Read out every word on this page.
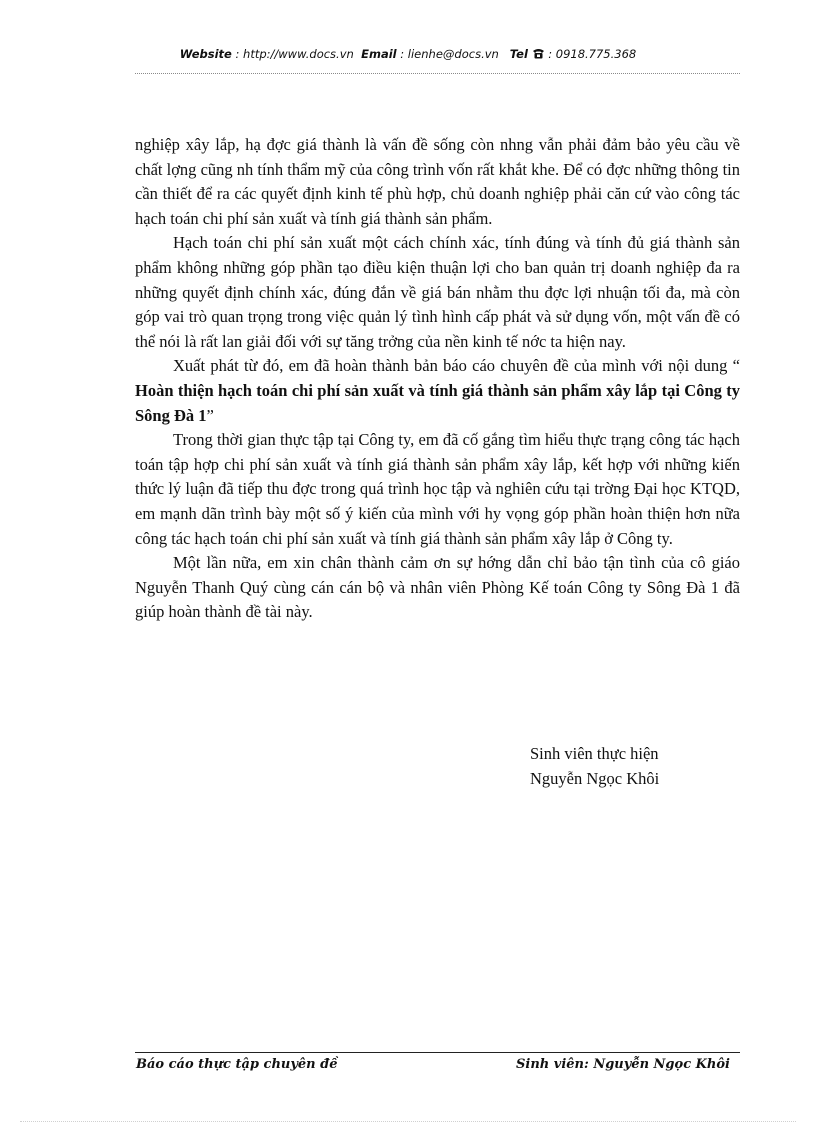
Website : http://www.docs.vn Email : lienhe@docs.vn Tel  : 0918.775.368

nghiệp xây lắp, hạ đợc giá thành là vấn đề sống còn nhng vẫn phải đảm bảo yêu cầu về chất lợng cũng nh tính thẩm mỹ của công trình vốn rất khắt khe. Để có đợc những thông tin cần thiết để ra các quyết định kinh tế phù hợp, chủ doanh nghiệp phải căn cứ vào công tác hạch toán chi phí sản xuất và tính giá thành sản phẩm.

Hạch toán chi phí sản xuất một cách chính xác, tính đúng và tính đủ giá thành sản phẩm không những góp phần tạo điều kiện thuận lợi cho ban quản trị doanh nghiệp đa ra những quyết định chính xác, đúng đắn về giá bán nhằm thu đợc lợi nhuận tối đa, mà còn góp vai trò quan trọng trong việc quản lý tình hình cấp phát và sử dụng vốn, một vấn đề có thể nói là rất lan giải đối với sự tăng trởng của nền kinh tế nớc ta hiện nay.

Xuất phát từ đó, em đã hoàn thành bản báo cáo chuyên đề của mình với nội dung “ Hoàn thiện hạch toán chi phí sản xuất và tính giá thành sản phẩm xây lắp tại Công ty Sông Đà 1”

Trong thời gian thực tập tại Công ty, em đã cố gắng tìm hiểu thực trạng công tác hạch toán tập hợp chi phí sản xuất và tính giá thành sản phẩm xây lắp, kết hợp với những kiến thức lý luận đã tiếp thu đợc trong quá trình học tập và nghiên cứu tại trờng Đại học KTQD, em mạnh dãn trình bày một số ý kiến của mình với hy vọng góp phần hoàn thiện hơn nữa công tác hạch toán chi phí sản xuất và tính giá thành sản phẩm xây lắp ở Công ty.

Một lần nữa, em xin chân thành cảm ơn sự hớng dẫn chỉ bảo tận tình của cô giáo Nguyễn Thanh Quý cùng cán cán bộ và nhân viên Phòng Kế toán Công ty Sông Đà 1 đã giúp hoàn thành đề tài này.

Sinh viên thực hiện
Nguyễn Ngọc Khôi
Báo cáo thực tập chuyên đề	Sinh viên: Nguyễn Ngọc Khôi
